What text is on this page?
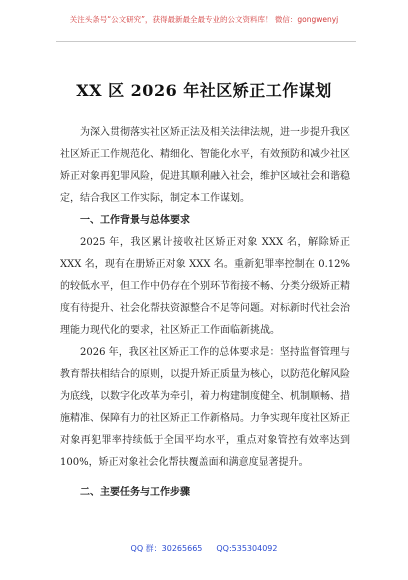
关注头条号“公文研究”，获得最新最全最专业的公文资料库！ 微信：gongwenyj
XX 区 2026 年社区矫正工作谋划

为深入贯彻落实社区矫正法及相关法律法规，进一步提升我区社区矫正工作规范化、精细化、智能化水平，有效预防和减少社区矫正对象再犯罪风险，促进其顺利融入社会，维护区域社会和谐稳定，结合我区工作实际，制定本工作谋划。

一、工作背景与总体要求

2025 年，我区累计接收社区矫正对象 XXX 名，解除矫正 XXX 名，现有在册矫正对象 XXX 名。重新犯罪率控制在 0.12%的较低水平，但工作中仍存在个别环节衔接不畅、分类分级矫正精度有待提升、社会化帮扶资源整合不足等问题。对标新时代社会治理能力现代化的要求，社区矫正工作面临新挑战。

2026 年，我区社区矫正工作的总体要求是：坚持监督管理与教育帮扶相结合的原则，以提升矫正质量为核心，以防范化解风险为底线，以数字化改革为牵引，着力构建制度健全、机制顺畅、措施精准、保障有力的社区矫正工作新格局。力争实现年度社区矫正对象再犯罪率持续低于全国平均水平，重点对象管控有效率达到 100%，矫正对象社会化帮扶覆盖面和满意度显著提升。

二、主要任务与工作步骤
QQ 群：30265665 QQ:535304092
